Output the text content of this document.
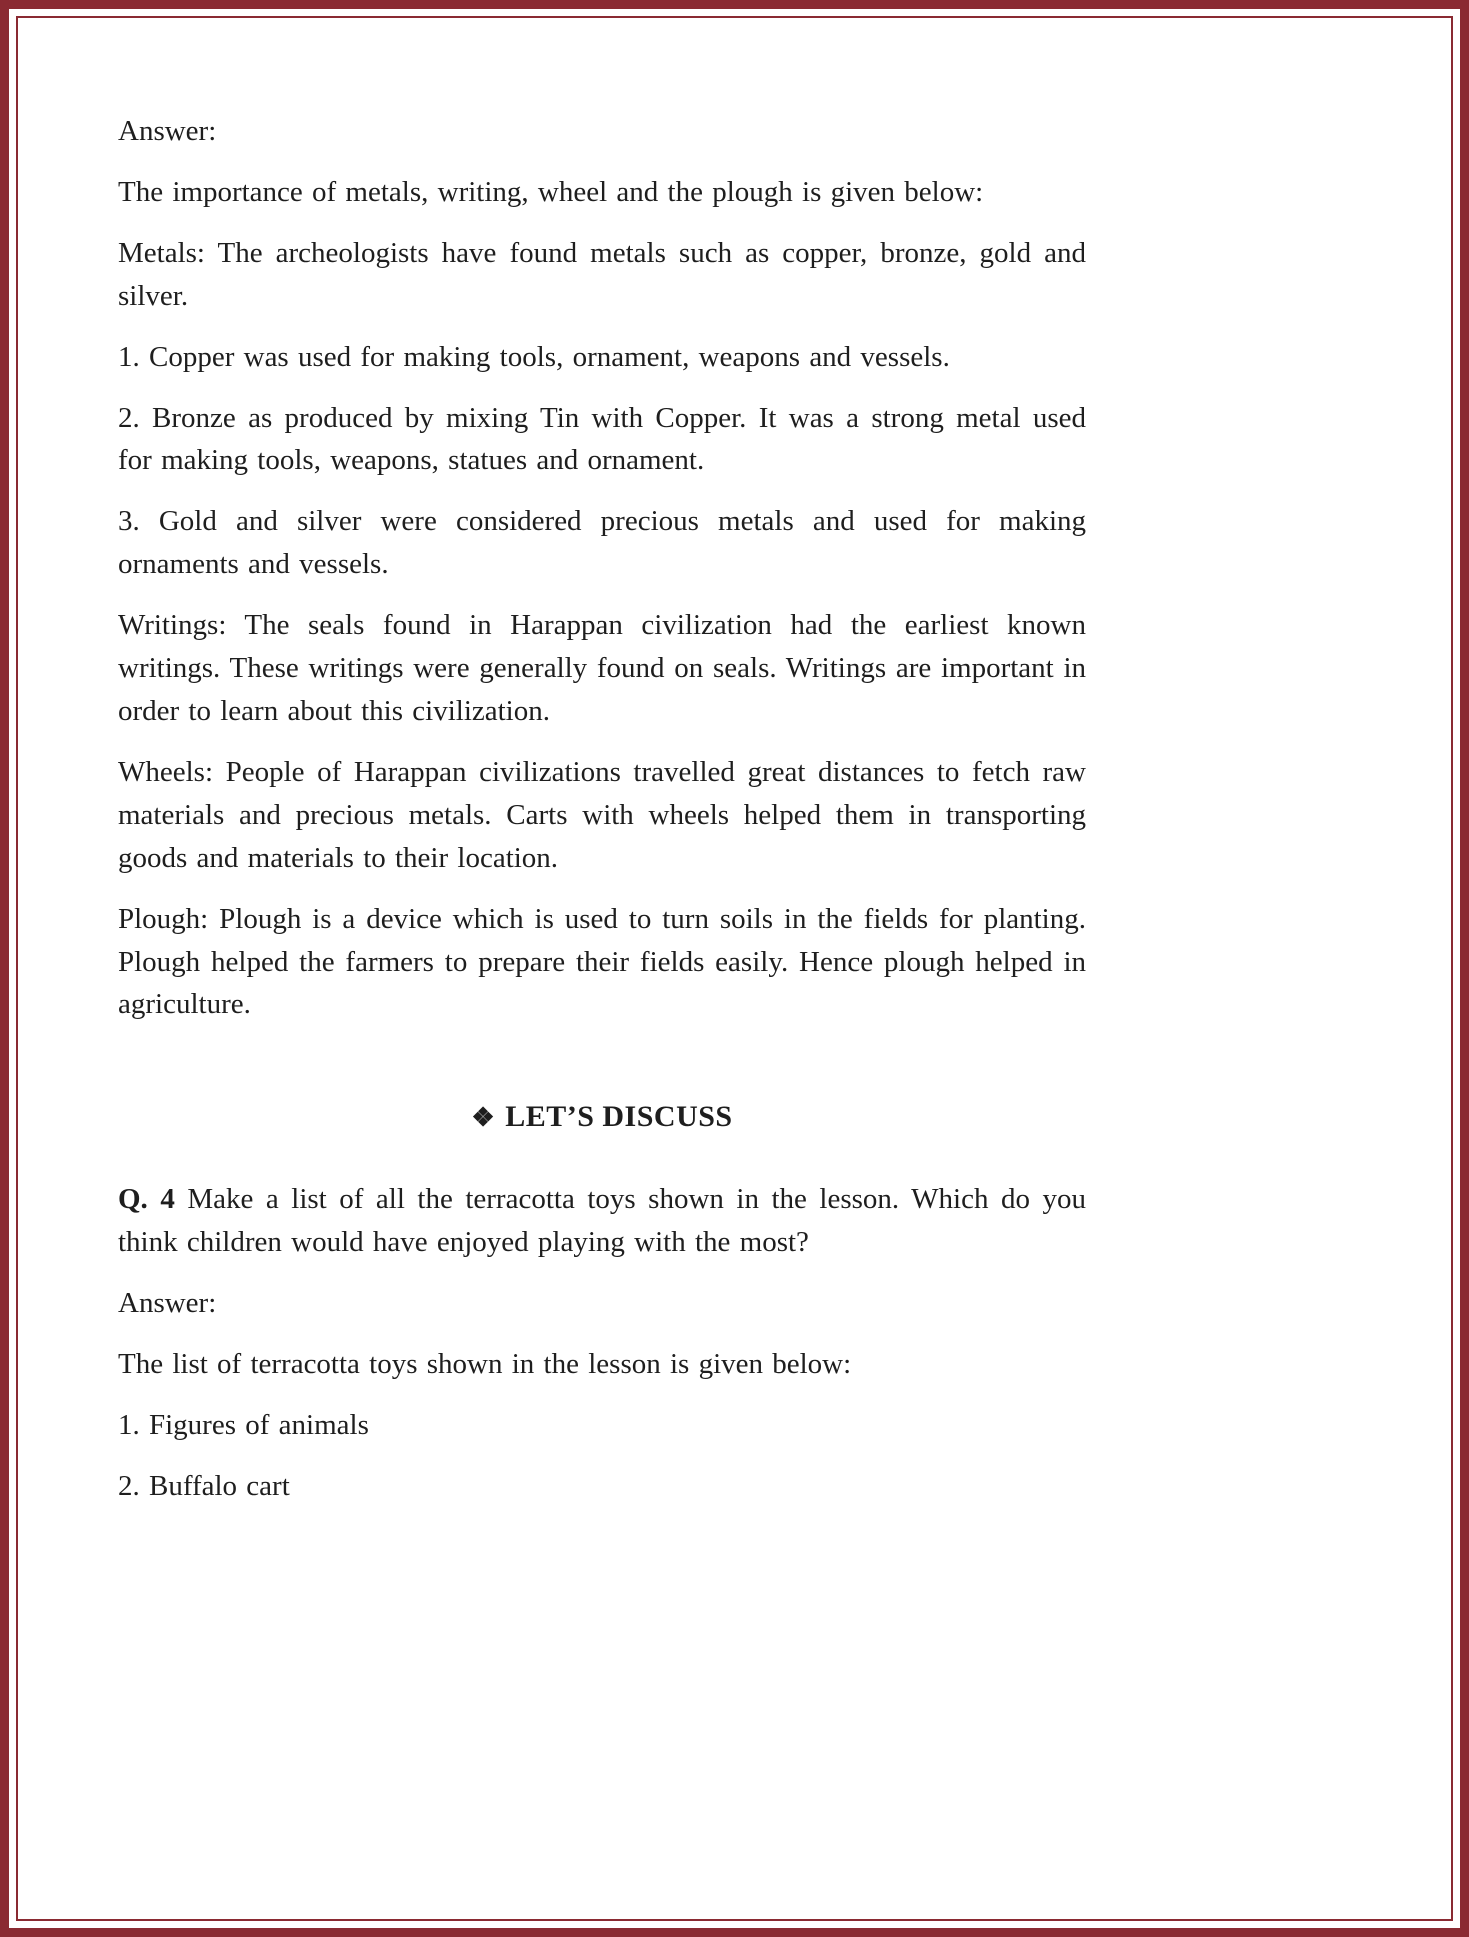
Answer:

The importance of metals, writing, wheel and the plough is given below:

Metals: The archeologists have found metals such as copper, bronze, gold and silver.

1. Copper was used for making tools, ornament, weapons and vessels.

2. Bronze as produced by mixing Tin with Copper. It was a strong metal used for making tools, weapons, statues and ornament.

3. Gold and silver were considered precious metals and used for making ornaments and vessels.

Writings: The seals found in Harappan civilization had the earliest known writings. These writings were generally found on seals. Writings are important in order to learn about this civilization.

Wheels: People of Harappan civilizations travelled great distances to fetch raw materials and precious metals. Carts with wheels helped them in transporting goods and materials to their location.

Plough: Plough is a device which is used to turn soils in the fields for planting. Plough helped the farmers to prepare their fields easily. Hence plough helped in agriculture.

❖ LET’S DISCUSS

Q. 4 Make a list of all the terracotta toys shown in the lesson. Which do you think children would have enjoyed playing with the most?

Answer:

The list of terracotta toys shown in the lesson is given below:

1. Figures of animals

2. Buffalo cart
